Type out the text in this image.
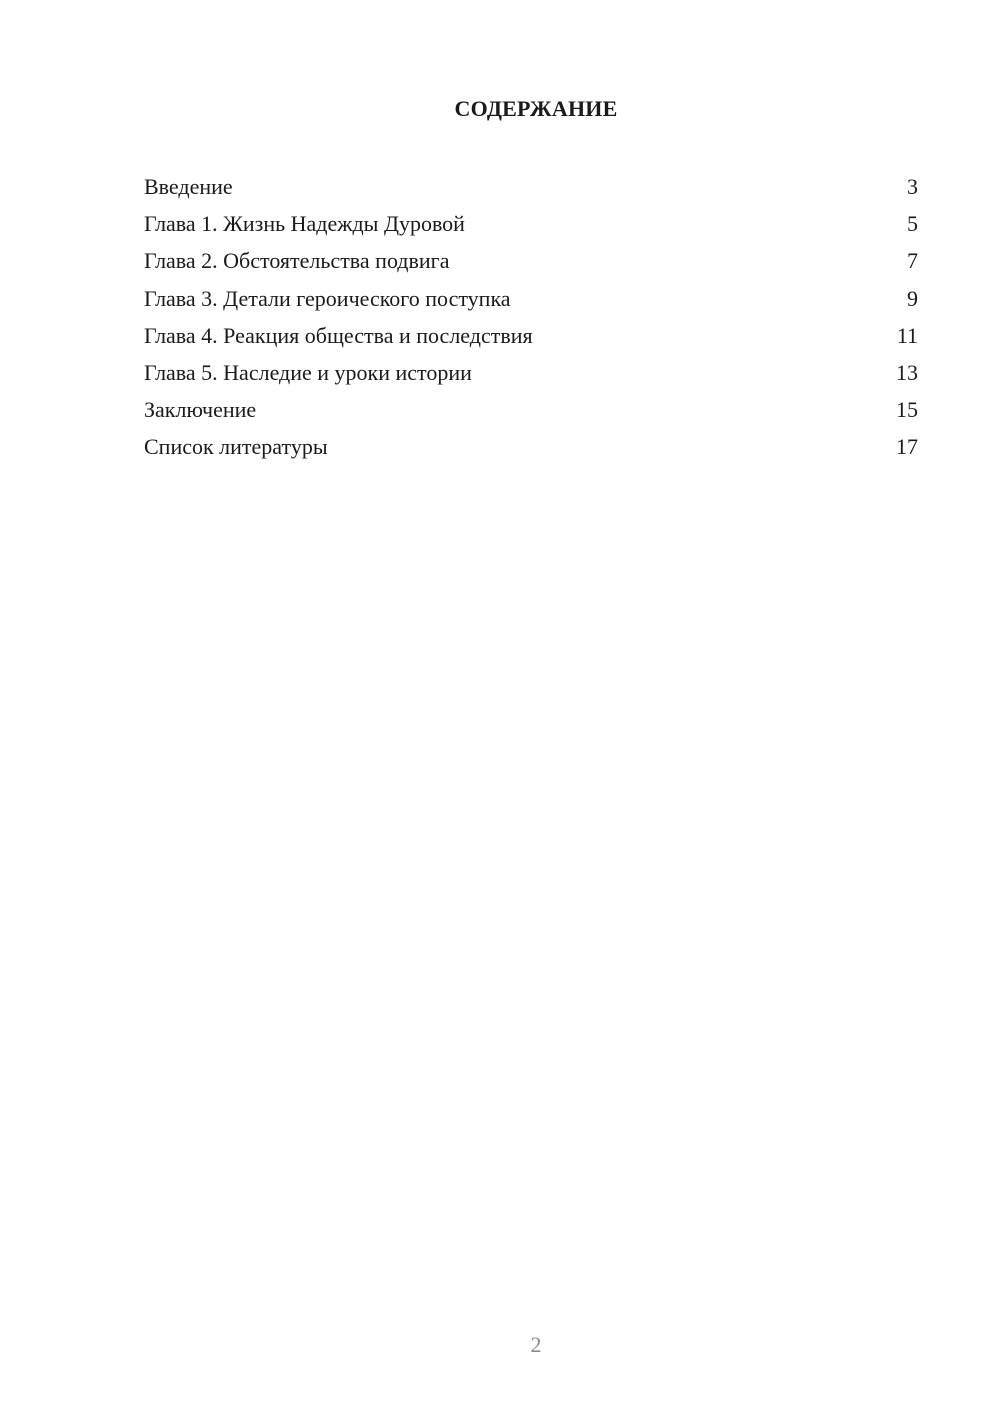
СОДЕРЖАНИЕ
Введение	3
Глава 1. Жизнь Надежды Дуровой	5
Глава 2. Обстоятельства подвига	7
Глава 3. Детали героического поступка	9
Глава 4. Реакция общества и последствия	11
Глава 5. Наследие и уроки истории	13
Заключение	15
Список литературы	17
2
